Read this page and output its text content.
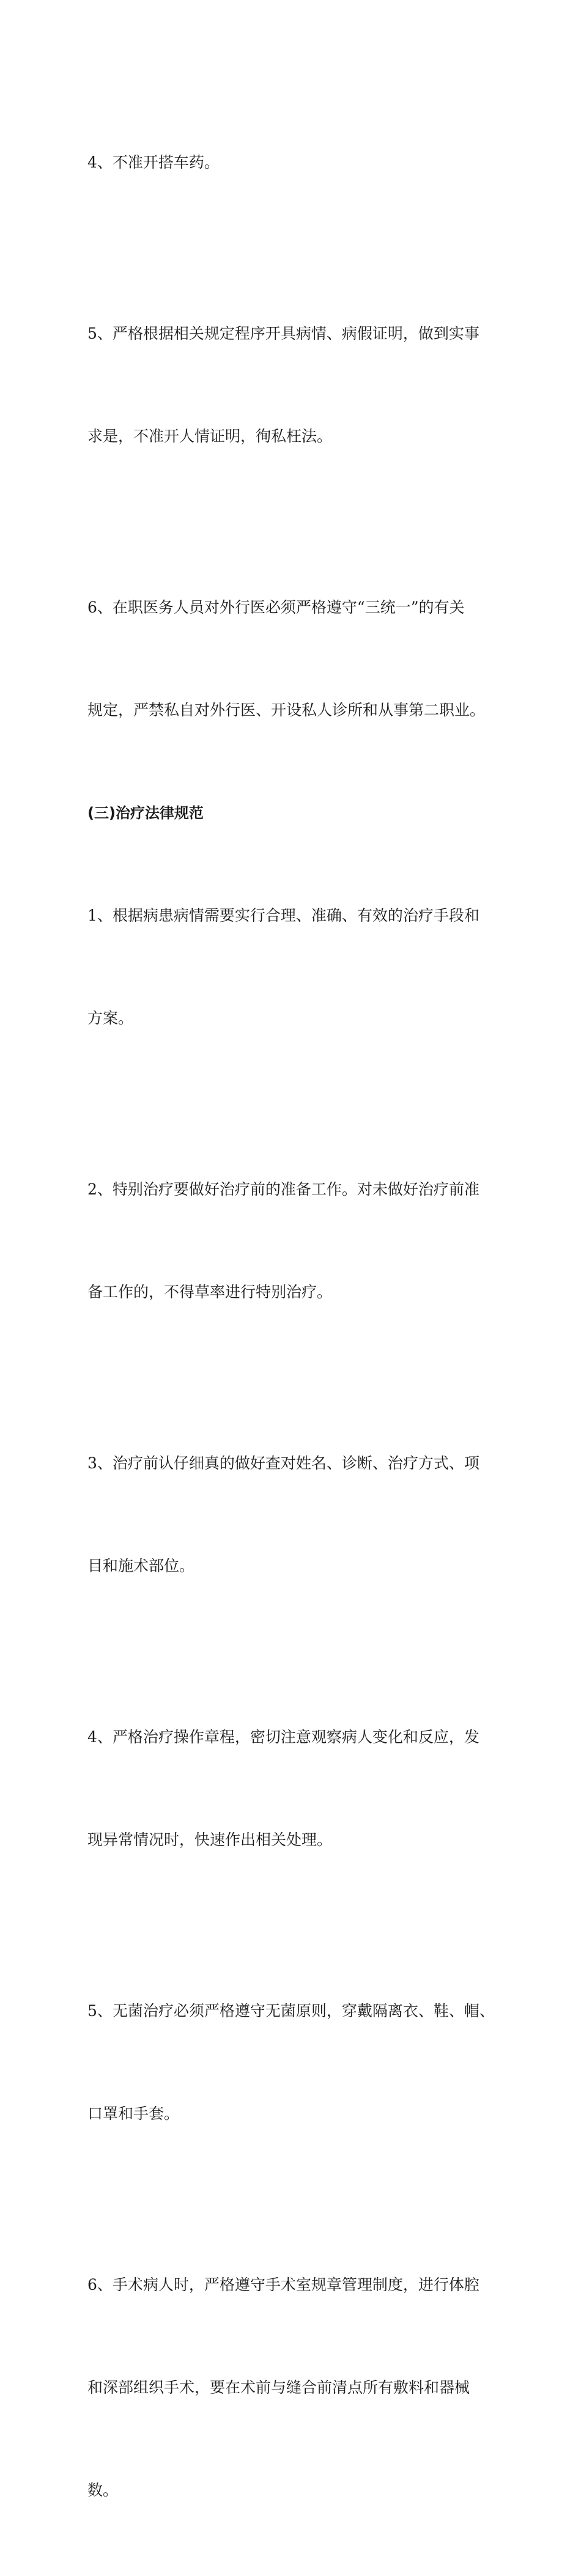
4、不准开搭车药。

5、严格根据相关规定程序开具病情、病假证明，做到实事

求是，不准开人情证明，徇私枉法。

6、在职医务人员对外行医必须严格遵守“三统一”的有关

规定，严禁私自对外行医、开设私人诊所和从事第二职业。

(三)治疗法律规范

1、根据病患病情需要实行合理、准确、有效的治疗手段和

方案。

2、特别治疗要做好治疗前的准备工作。对未做好治疗前准

备工作的，不得草率进行特别治疗。

3、治疗前认仔细真的做好查对姓名、诊断、治疗方式、项

目和施术部位。

4、严格治疗操作章程，密切注意观察病人变化和反应，发

现异常情况时，快速作出相关处理。

5、无菌治疗必须严格遵守无菌原则，穿戴隔离衣、鞋、帽、

口罩和手套。

6、手术病人时，严格遵守手术室规章管理制度，进行体腔

和深部组织手术，要在术前与缝合前清点所有敷料和器械

数。
